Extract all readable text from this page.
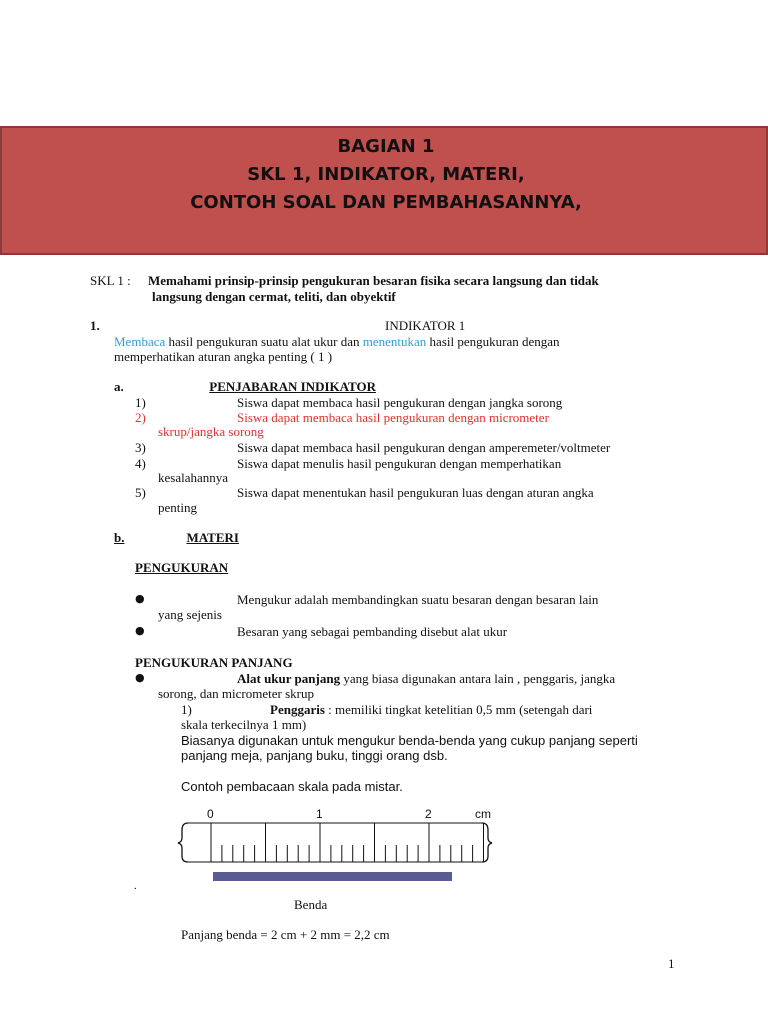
BAGIAN 1
SKL 1, INDIKATOR, MATERI,
CONTOH SOAL DAN PEMBAHASANNYA,
SKL 1 : Memahami prinsip-prinsip pengukuran besaran fisika secara langsung dan tidak
langsung dengan cermat, teliti, dan obyektif
1.	INDIKATOR 1
Membaca hasil pengukuran suatu alat ukur dan menentukan hasil pengukuran dengan
memperhatikan aturan angka penting ( 1 )
a.	PENJABARAN INDIKATOR
1)	Siswa dapat membaca hasil pengukuran dengan jangka sorong
2)	Siswa dapat membaca hasil pengukuran dengan micrometer
skrup/jangka sorong
3)	Siswa dapat membaca hasil pengukuran dengan amperemeter/voltmeter
4)	Siswa dapat menulis hasil pengukuran dengan memperhatikan
kesalahannya
5)	Siswa dapat menentukan hasil pengukuran luas dengan aturan angka
penting
b.	MATERI
PENGUKURAN
●	Mengukur adalah membandingkan suatu besaran dengan besaran lain
yang sejenis
●	Besaran yang sebagai pembanding disebut alat ukur
PENGUKURAN PANJANG
●	Alat ukur panjang yang biasa digunakan antara lain , penggaris, jangka
sorong, dan micrometer skrup
1)	Penggaris : memiliki tingkat ketelitian 0,5 mm (setengah dari
skala terkecilnya 1 mm)
Biasanya digunakan untuk mengukur benda-benda yang cukup panjang seperti
panjang meja, panjang buku, tinggi orang dsb.
Contoh pembacaan skala pada mistar.
0	1	2	cm
.
Benda
Panjang benda = 2 cm + 2 mm = 2,2 cm
1
